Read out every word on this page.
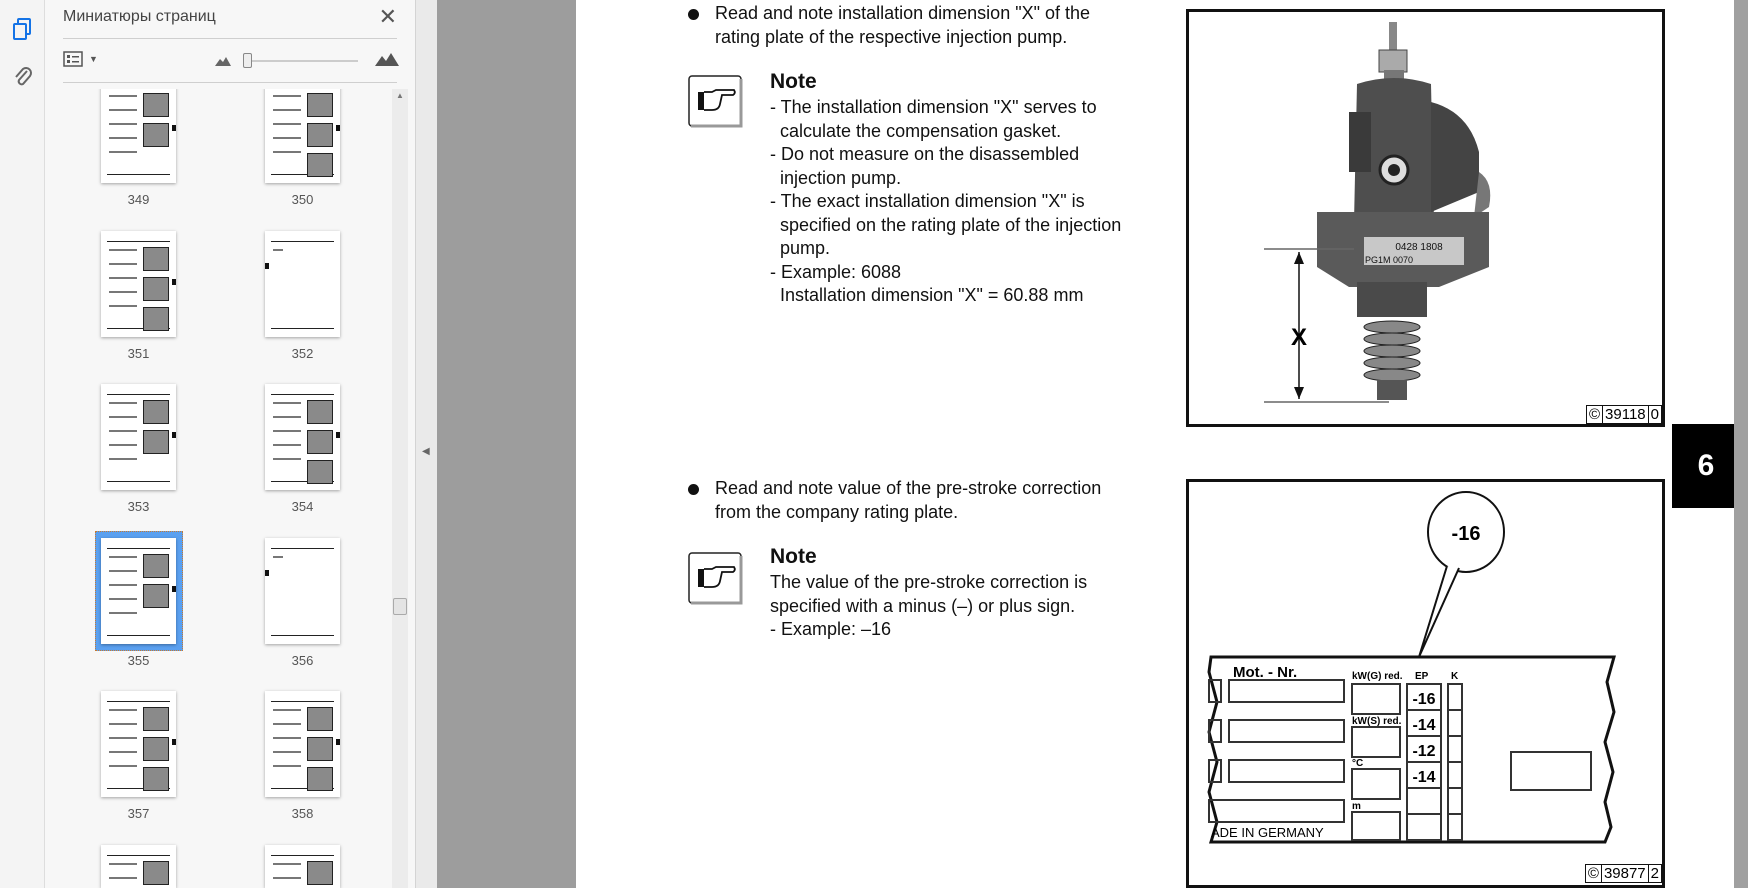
Миниатюры страниц	✕
▼
349	350
351	352
353	354
355	356
357	358
▲
◀
Read and note installation dimension "X" of the
rating plate of the respective injection pump.
Note
- The installation dimension "X" serves to
calculate the compensation gasket.
- Do not measure on the disassembled
injection pump.
- The exact installation dimension "X" is
specified on the rating plate of the injection
pump.
- Example: 6088
Installation dimension "X" = 60.88 mm
Read and note value of the pre-stroke correction
from the company rating plate.
Note
The value of the pre-stroke correction is
specified with a minus (–) or plus sign.
- Example: –16
0428 1808
PG1M 0070
X
© 39118 0
-16
Mot. - Nr.	kW(G) red.
kW(S) red.
°C
m
EP K
-16
-14
-12
-14
ADE IN GERMANY
© 39877 2
6
